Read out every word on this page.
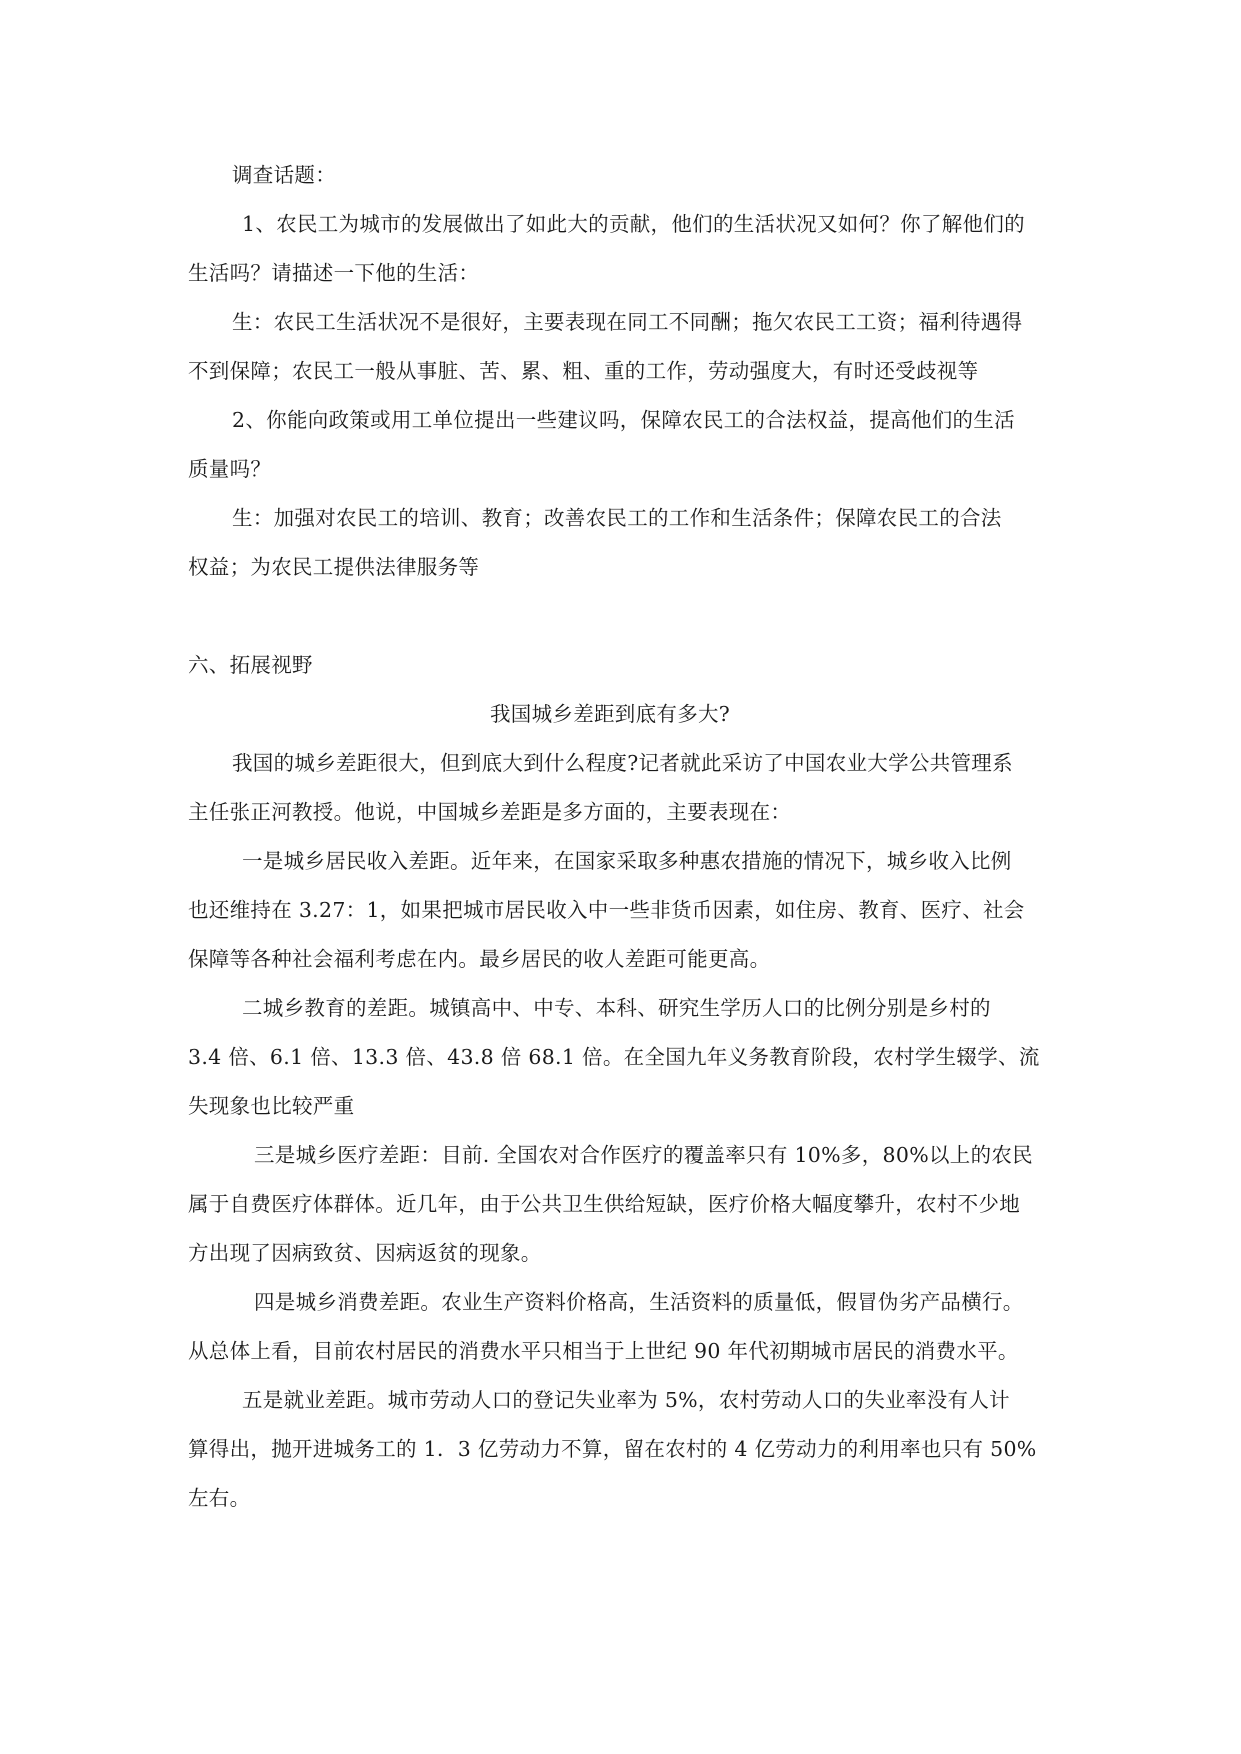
调查话题：

1、农民工为城市的发展做出了如此大的贡献，他们的生活状况又如何？你了解他们的

生活吗？请描述一下他的生活：

生：农民工生活状况不是很好，主要表现在同工不同酬；拖欠农民工工资；福利待遇得

不到保障；农民工一般从事脏、苦、累、粗、重的工作，劳动强度大，有时还受歧视等

2、你能向政策或用工单位提出一些建议吗，保障农民工的合法权益，提高他们的生活

质量吗？

生：加强对农民工的培训、教育；改善农民工的工作和生活条件；保障农民工的合法

权益；为农民工提供法律服务等

六、拓展视野

我国城乡差距到底有多大?

我国的城乡差距很大，但到底大到什么程度?记者就此采访了中国农业大学公共管理系

主任张正河教授。他说，中国城乡差距是多方面的，主要表现在：

一是城乡居民收入差距。近年来，在国家采取多种惠农措施的情况下，城乡收入比例

也还维持在 3.27：1，如果把城市居民收入中一些非货币因素，如住房、教育、医疗、社会

保障等各种社会福利考虑在内。最乡居民的收人差距可能更高。

二城乡教育的差距。城镇高中、中专、本科、研究生学历人口的比例分别是乡村的

3.4 倍、6.1 倍、13.3 倍、43.8 倍 68.1 倍。在全国九年义务教育阶段，农村学生辍学、流

失现象也比较严重

三是城乡医疗差距：目前. 全国农对合作医疗的覆盖率只有 10%多，80%以上的农民

属于自费医疗体群体。近几年，由于公共卫生供给短缺，医疗价格大幅度攀升，农村不少地

方出现了因病致贫、因病返贫的现象。

四是城乡消费差距。农业生产资料价格高，生活资料的质量低，假冒伪劣产品横行。

从总体上看，目前农村居民的消费水平只相当于上世纪 90 年代初期城市居民的消费水平。

五是就业差距。城市劳动人口的登记失业率为 5%，农村劳动人口的失业率没有人计

算得出，抛开进城务工的 1．3 亿劳动力不算，留在农村的 4 亿劳动力的利用率也只有 50%

左右。
